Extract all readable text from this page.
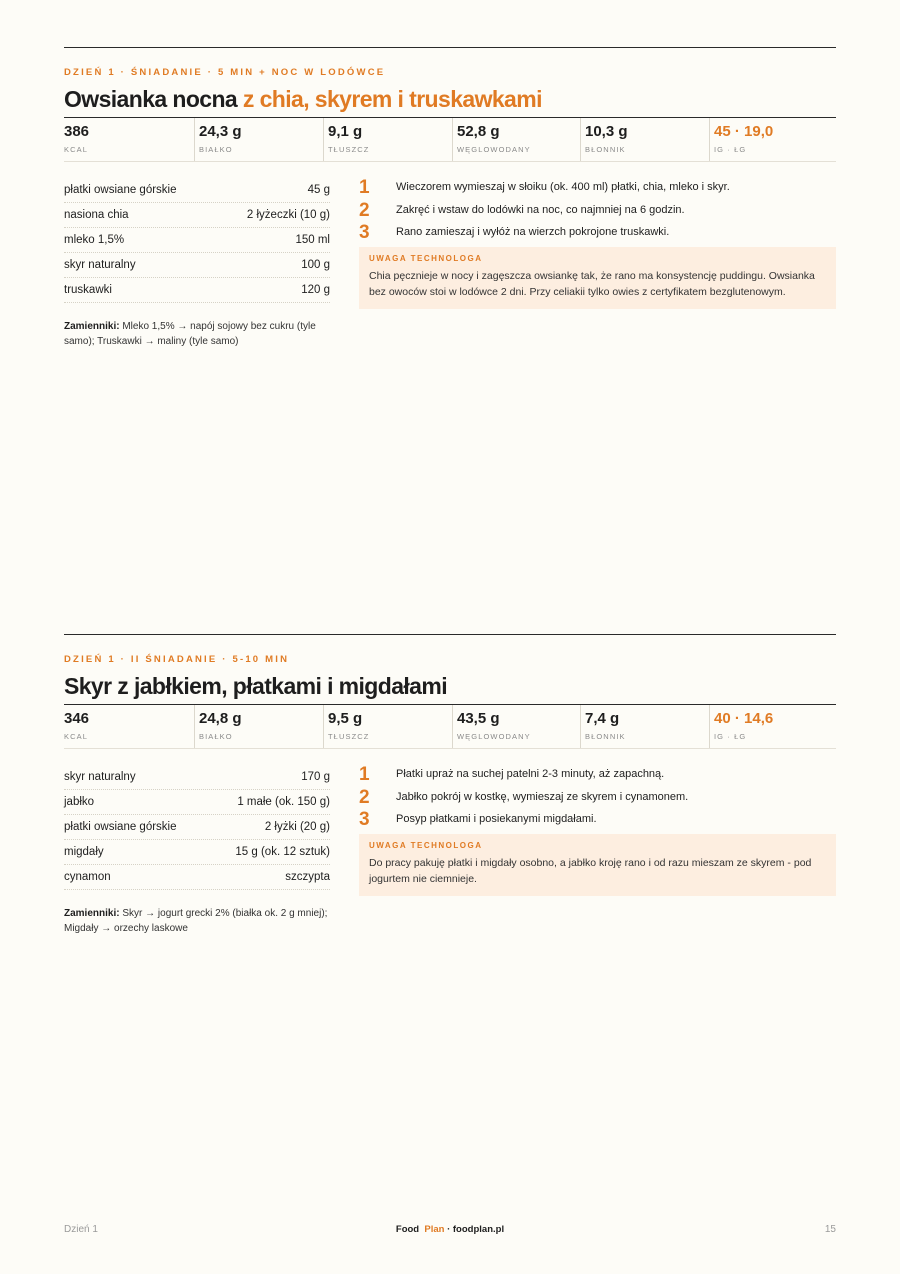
DZIEŃ 1 · ŚNIADANIE · 5 MIN + NOC W LODÓWCE
Owsianka nocna z chia, skyrem i truskawkami
386
KCAL
24,3 g
BIAŁKO
9,1 g
TŁUSZCZ
52,8 g
WĘGLOWODANY
10,3 g
BŁONNIK
45 · 19,0
IG · ŁG
płatki owsiane górskie	45 g
nasiona chia	2 łyżeczki (10 g)
mleko 1,5%	150 ml
skyr naturalny	100 g
truskawki	120 g
Zamienniki: Mleko 1,5% → napój sojowy bez cukru (tyle samo); Truskawki → maliny (tyle samo)
1	Wieczorem wymieszaj w słoiku (ok. 400 ml) płatki, chia, mleko i skyr.
2	Zakręć i wstaw do lodówki na noc, co najmniej na 6 godzin.
3	Rano zamieszaj i wyłóż na wierzch pokrojone truskawki.
UWAGA TECHNOLOGA
Chia pęcznieje w nocy i zagęszcza owsiankę tak, że rano ma konsystencję puddingu. Owsianka bez owoców stoi w lodówce 2 dni. Przy celiakii tylko owies z certyfikatem bezglutenowym.
DZIEŃ 1 · II ŚNIADANIE · 5-10 MIN
Skyr z jabłkiem, płatkami i migdałami
346
KCAL
24,8 g
BIAŁKO
9,5 g
TŁUSZCZ
43,5 g
WĘGLOWODANY
7,4 g
BŁONNIK
40 · 14,6
IG · ŁG
skyr naturalny	170 g
jabłko	1 małe (ok. 150 g)
płatki owsiane górskie	2 łyżki (20 g)
migdały	15 g (ok. 12 sztuk)
cynamon	szczypta
Zamienniki: Skyr → jogurt grecki 2% (białka ok. 2 g mniej); Migdały → orzechy laskowe
1	Płatki upraż na suchej patelni 2-3 minuty, aż zapachną.
2	Jabłko pokrój w kostkę, wymieszaj ze skyrem i cynamonem.
3	Posyp płatkami i posiekanymi migdałami.
UWAGA TECHNOLOGA
Do pracy pakuję płatki i migdały osobno, a jabłko kroję rano i od razu mieszam ze skyrem - pod jogurtem nie ciemnieje.
Dzień 1	Food Plan · foodplan.pl	15
